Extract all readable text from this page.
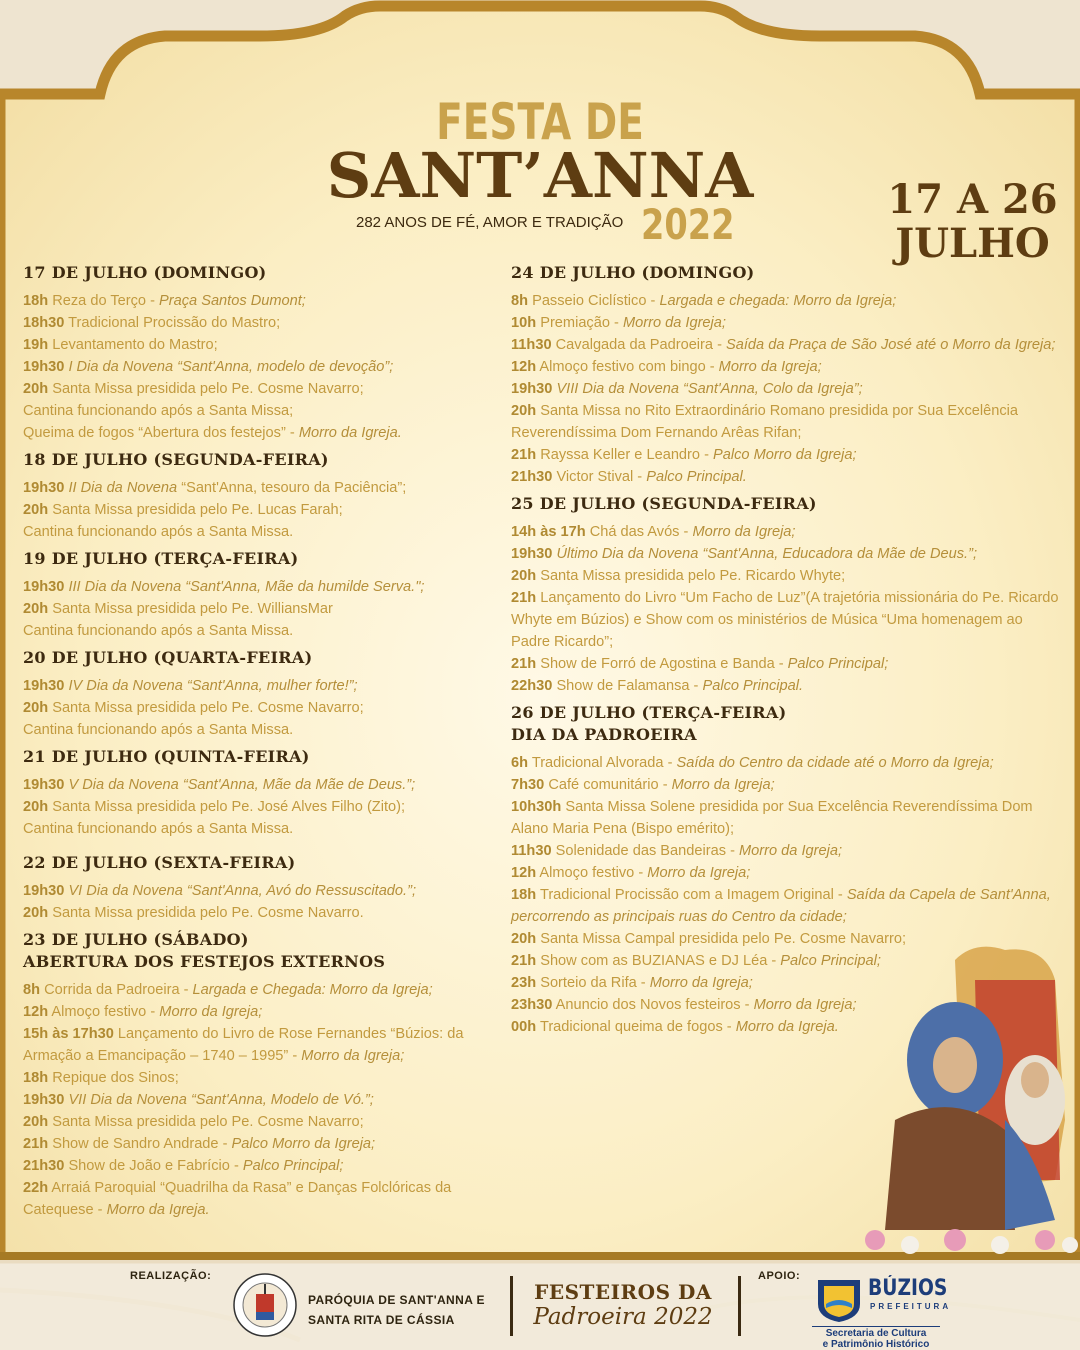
FESTA DE
SANT’ANNA
282 ANOS DE FÉ, AMOR E TRADIÇÃO 2022
17 A 26
JULHO
17 DE JULHO (DOMINGO)
18h Reza do Terço - Praça Santos Dumont;
18h30 Tradicional Procissão do Mastro;
19h Levantamento do Mastro;
19h30 I Dia da Novena “Sant'Anna, modelo de devoção”;
20h Santa Missa presidida pelo Pe. Cosme Navarro;
Cantina funcionando após a Santa Missa;
Queima de fogos “Abertura dos festejos” - Morro da Igreja.
18 DE JULHO (SEGUNDA-FEIRA)
19h30 II Dia da Novena “Sant'Anna, tesouro da Paciência”;
20h Santa Missa presidida pelo Pe. Lucas Farah;
Cantina funcionando após a Santa Missa.
19 DE JULHO (TERÇA-FEIRA)
19h30 III Dia da Novena “Sant'Anna, Mãe da humilde Serva.";
20h Santa Missa presidida pelo Pe. WilliansMar
Cantina funcionando após a Santa Missa.
20 DE JULHO (QUARTA-FEIRA)
19h30 IV Dia da Novena “Sant'Anna, mulher forte!”;
20h Santa Missa presidida pelo Pe. Cosme Navarro;
Cantina funcionando após a Santa Missa.
21 DE JULHO (QUINTA-FEIRA)
19h30 V Dia da Novena “Sant'Anna, Mãe da Mãe de Deus.”;
20h Santa Missa presidida pelo Pe. José Alves Filho (Zito);
Cantina funcionando após a Santa Missa.
22 DE JULHO (SEXTA-FEIRA)
19h30 VI Dia da Novena “Sant'Anna, Avó do Ressuscitado.”;
20h Santa Missa presidida pelo Pe. Cosme Navarro.
23 DE JULHO (SÁBADO)
ABERTURA DOS FESTEJOS EXTERNOS
8h Corrida da Padroeira - Largada e Chegada: Morro da Igreja;
12h Almoço festivo - Morro da Igreja;
15h às 17h30 Lançamento do Livro de Rose Fernandes “Búzios: da Armação a Emancipação – 1740 – 1995” - Morro da Igreja;
18h Repique dos Sinos;
19h30 VII Dia da Novena “Sant'Anna, Modelo de Vó.”;
20h Santa Missa presidida pelo Pe. Cosme Navarro;
21h Show de Sandro Andrade - Palco Morro da Igreja;
21h30 Show de João e Fabrício - Palco Principal;
22h Arraiá Paroquial “Quadrilha da Rasa” e Danças Folclóricas da Catequese - Morro da Igreja.
24 DE JULHO (DOMINGO)
8h Passeio Ciclístico - Largada e chegada: Morro da Igreja;
10h Premiação - Morro da Igreja;
11h30 Cavalgada da Padroeira - Saída da Praça de São José até o Morro da Igreja;
12h Almoço festivo com bingo - Morro da Igreja;
19h30 VIII Dia da Novena “Sant'Anna, Colo da Igreja”;
20h Santa Missa no Rito Extraordinário Romano presidida por Sua Excelência Reverendíssima Dom Fernando Arêas Rifan;
21h Rayssa Keller e Leandro - Palco Morro da Igreja;
21h30 Victor Stival - Palco Principal.
25 DE JULHO (SEGUNDA-FEIRA)
14h às 17h Chá das Avós - Morro da Igreja;
19h30 Último Dia da Novena “Sant'Anna, Educadora da Mãe de Deus.”;
20h Santa Missa presidida pelo Pe. Ricardo Whyte;
21h Lançamento do Livro “Um Facho de Luz”(A trajetória missionária do Pe. Ricardo Whyte em Búzios) e Show com os ministérios de Música “Uma homenagem ao Padre Ricardo”;
21h Show de Forró de Agostina e Banda - Palco Principal;
22h30 Show de Falamansa - Palco Principal.
26 DE JULHO (TERÇA-FEIRA)
DIA DA PADROEIRA
6h Tradicional Alvorada - Saída do Centro da cidade até o Morro da Igreja;
7h30 Café comunitário - Morro da Igreja;
10h30h Santa Missa Solene presidida por Sua Excelência Reverendíssima Dom Alano Maria Pena (Bispo emérito);
11h30 Solenidade das Bandeiras - Morro da Igreja;
12h Almoço festivo - Morro da Igreja;
18h Tradicional Procissão com a Imagem Original - Saída da Capela de Sant'Anna, percorrendo as principais ruas do Centro da cidade;
20h Santa Missa Campal presidida pelo Pe. Cosme Navarro;
21h Show com as BUZIANAS e DJ Léa - Palco Principal;
23h Sorteio da Rifa - Morro da Igreja;
23h30 Anuncio dos Novos festeiros - Morro da Igreja;
00h Tradicional queima de fogos - Morro da Igreja.
REALIZAÇÃO:
PARÓQUIA DE SANT'ANNA E
SANTA RITA DE CÁSSIA
FESTEIROS DA
Padroeira 2022
APOIO:	BÚZIOS
PREFEITURA
Secretaria de Cultura
e Patrimônio Histórico
